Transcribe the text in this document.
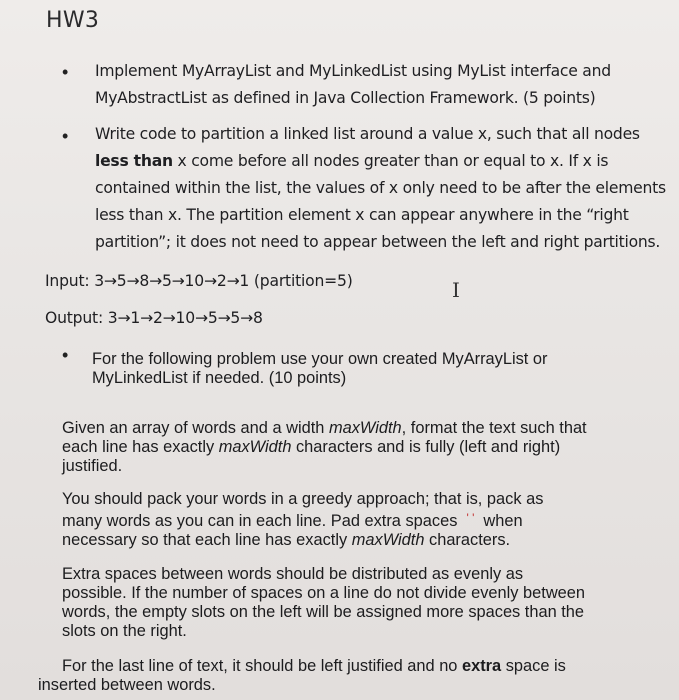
HW3
• Implement MyArrayList and MyLinkedList using MyList interface and
MyAbstractList as defined in Java Collection Framework. (5 points)
• Write code to partition a linked list around a value x, such that all nodes
less than x come before all nodes greater than or equal to x. If x is
contained within the list, the values of x only need to be after the elements
less than x. The partition element x can appear anywhere in the “right
partition”; it does not need to appear between the left and right partitions.
Input: 3→5→8→5→10→2→1 (partition=5)	I
Output: 3→1→2→10→5→5→8
• For the following problem use your own created MyArrayList or
MyLinkedList if needed. (10 points)
Given an array of words and a width maxWidth, format the text such that
each line has exactly maxWidth characters and is fully (left and right)
justified.
You should pack your words in a greedy approach; that is, pack as
many words as you can in each line. Pad extra spaces ' ' when
necessary so that each line has exactly maxWidth characters.
Extra spaces between words should be distributed as evenly as
possible. If the number of spaces on a line do not divide evenly between
words, the empty slots on the left will be assigned more spaces than the
slots on the right.
For the last line of text, it should be left justified and no extra space is
inserted between words.
